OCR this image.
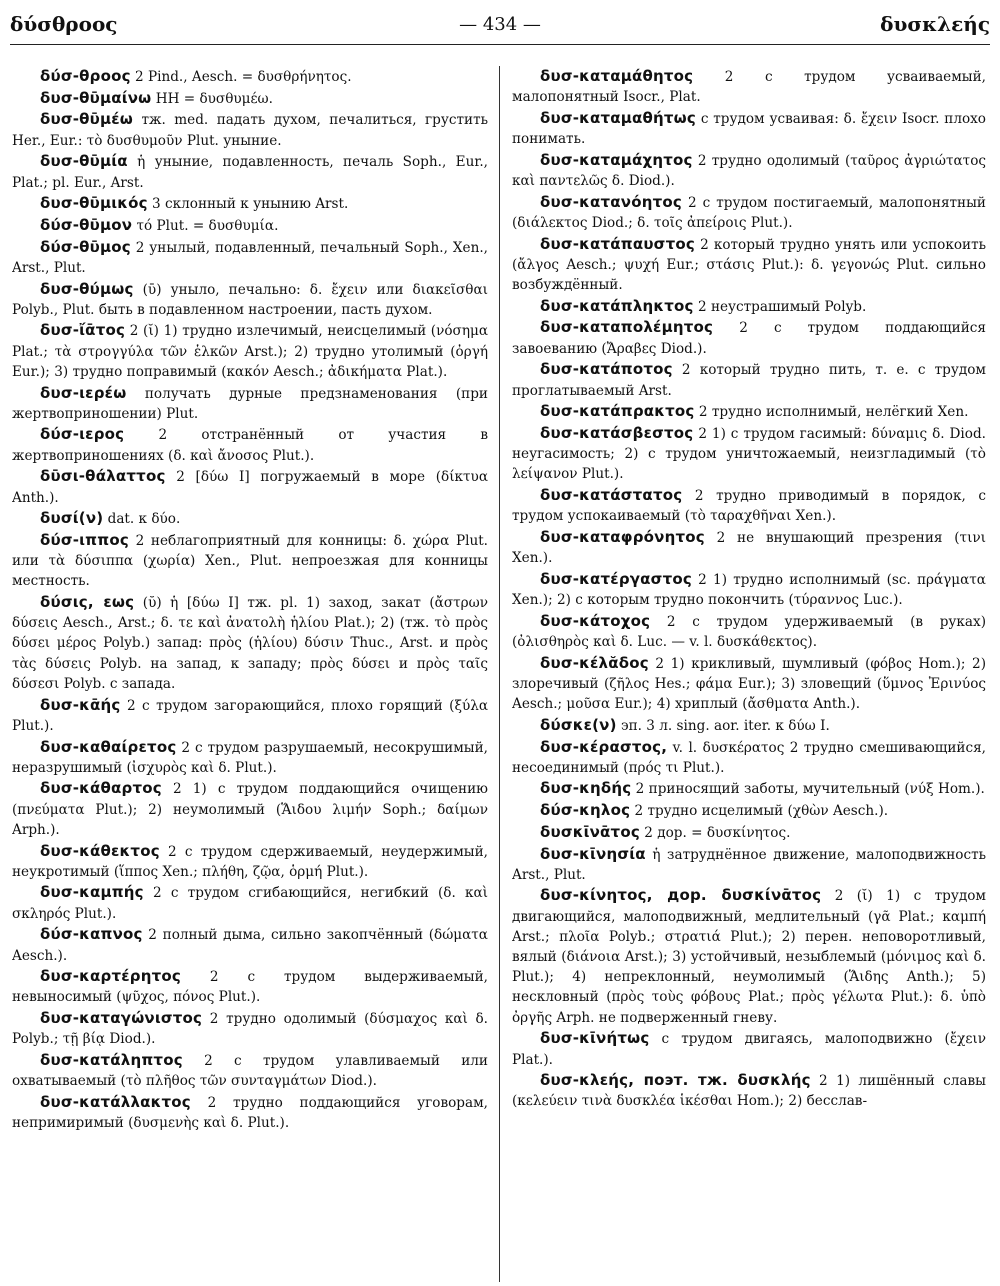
δύσθροος	— 434 —	δυσκλεής

δύσ-θροος 2 Pind., Aesch. = δυσθρήνητος.

δυσ-θῡμαίνω HH = δυσθυμέω.

δυσ-θῡμέω тж. med. падать духом, печалиться, грустить Her., Eur.: τὸ δυσθυμοῦν Plut. уныние.

δυσ-θῡμία ἡ уныние, подавленность, печаль Soph., Eur., Plat.; pl. Eur., Arst.

δυσ-θῡμικός 3 склонный к унынию Arst.

δύσ-θῡμον τό Plut. = δυσθυμία.

δύσ-θῡμος 2 унылый, подавленный, печальный Soph., Xen., Arst., Plut.

δυσ-θύμως (ῡ) уныло, печально: δ. ἔχειν или διακεῖσθαι Polyb., Plut. быть в подавленном настроении, пасть духом.

δυσ-ἴᾱτος 2 (ῐ) 1) трудно излечимый, неисцелимый (νόσημα Plat.; τὰ στρογγύλα τῶν ἑλκῶν Arst.); 2) трудно утолимый (ὀργή Eur.); 3) трудно поправимый (κακόν Aesch.; ἀδικήματα Plat.).

δυσ-ιερέω получать дурные предзнаменования (при жертвоприношении) Plut.

δύσ-ιερος 2 отстранённый от участия в жертвоприношениях (δ. καὶ ἄνοσος Plut.).

δῡσι-θάλαττος 2 [δύω I] погружаемый в море (δίκτυα Anth.).

δυσί(ν) dat. к δύο.

δύσ-ιππος 2 неблагоприятный для конницы: δ. χώρα Plut. или τὰ δύσιππα (χωρία) Xen., Plut. непроезжая для конницы местность.

δύσις, εως (ῠ) ἡ [δύω I] тж. pl. 1) заход, закат (ἄστρων δύσεις Aesch., Arst.; δ. τε καὶ ἀνατολὴ ἡλίου Plat.); 2) (тж. τὸ πρὸς δύσει μέρος Polyb.) запад: πρὸς (ἡλίου) δύσιν Thuc., Arst. и πρὸς τὰς δύσεις Polyb. на запад, к западу; πρὸς δύσει и πρὸς ταῖς δύσεσι Polyb. с запада.

δυσ-κᾱής 2 с трудом загорающийся, плохо горящий (ξύλα Plut.).

δυσ-καθαίρετος 2 с трудом разрушаемый, несокрушимый, неразрушимый (ἰσχυρὸς καὶ δ. Plut.).

δυσ-κάθαρτος 2 1) с трудом поддающийся очищению (πνεύματα Plut.); 2) неумолимый (Ἅιδου λιμήν Soph.; δαίμων Arph.).

δυσ-κάθεκτος 2 с трудом сдерживаемый, неудержимый, неукротимый (ἵππος Xen.; πλήθη, ζῷα, ὁρμή Plut.).

δυσ-καμπής 2 с трудом сгибающийся, негибкий (δ. καὶ σκληρός Plut.).

δύσ-καπνος 2 полный дыма, сильно закопчённый (δώματα Aesch.).

δυσ-καρτέρητος 2 с трудом выдерживаемый, невыносимый (ψῦχος, πόνος Plut.).

δυσ-καταγώνιστος 2 трудно одолимый (δύσμαχος καὶ δ. Polyb.; τῇ βίᾳ Diod.).

δυσ-κατάληπτος 2 с трудом улавливаемый или охватываемый (τὸ πλῆθος τῶν συνταγμάτων Diod.).

δυσ-κατάλλακτος 2 трудно поддающийся уговорам, непримиримый (δυσμενὴς καὶ δ. Plut.).

δυσ-καταμάθητος 2 с трудом усваиваемый, малопонятный Isocr., Plat.

δυσ-καταμαθήτως с трудом усваивая: δ. ἔχειν Isocr. плохо понимать.

δυσ-καταμάχητος 2 трудно одолимый (ταῦρος ἀγριώτατος καὶ παντελῶς δ. Diod.).

δυσ-κατανόητος 2 с трудом постигаемый, малопонятный (διάλεκτος Diod.; δ. τοῖς ἀπείροις Plut.).

δυσ-κατάπαυστος 2 который трудно унять или успокоить (ἄλγος Aesch.; ψυχή Eur.; στάσις Plut.): δ. γεγονώς Plut. сильно возбуждённый.

δυσ-κατάπληκτος 2 неустрашимый Polyb.

δυσ-καταπολέμητος 2 с трудом поддающийся завоеванию (Ἄραβες Diod.).

δυσ-κατάποτος 2 который трудно пить, т. е. с трудом проглатываемый Arst.

δυσ-κατάπρακτος 2 трудно исполнимый, нелёгкий Xen.

δυσ-κατάσβεστος 2 1) с трудом гасимый: δύναμις δ. Diod. неугасимость; 2) с трудом уничтожаемый, неизгладимый (τὸ λείψανον Plut.).

δυσ-κατάστατος 2 трудно приводимый в порядок, с трудом успокаиваемый (τὸ ταραχθῆναι Xen.).

δυσ-καταφρόνητος 2 не внушающий презрения (τινι Xen.).

δυσ-κατέργαστος 2 1) трудно исполнимый (sc. πράγματα Xen.); 2) с которым трудно покончить (τύραννος Luc.).

δυσ-κάτοχος 2 с трудом удерживаемый (в руках) (ὀλισθηρὸς καὶ δ. Luc. — v. l. δυσκάθεκτος).

δυσ-κέλᾰδος 2 1) крикливый, шумливый (φόβος Hom.); 2) злоречивый (ζῆλος Hes.; φάμα Eur.); 3) зловещий (ὕμνος Ἐρινύος Aesch.; μοῦσα Eur.); 4) хриплый (ἄσθματα Anth.).

δύσκε(ν) эп. 3 л. sing. aor. iter. к δύω I.

δυσ-κέραστος, v. l. δυσκέρατος 2 трудно смешивающийся, несоединимый (πρός τι Plut.).

δυσ-κηδής 2 приносящий заботы, мучительный (νύξ Hom.).

δύσ-κηλος 2 трудно исцелимый (χθὼν Aesch.).

δυσκῑνᾱτος 2 дор. = δυσκίνητος.

δυσ-κῑνησία ἡ затруднённое движение, малоподвижность Arst., Plut.

δυσ-κίνητος, дор. δυσκίνᾱτος 2 (ῐ) 1) с трудом двигающийся, малоподвижный, медлительный (γᾶ Plat.; καμπή Arst.; πλοῖα Polyb.; στρατιά Plut.); 2) перен. неповоротливый, вялый (διάνοια Arst.); 3) устойчивый, незыблемый (μόνιμος καὶ δ. Plut.); 4) непреклонный, неумолимый (Ἅιδης Anth.); 5) нескловный (πρὸς τοὺς φόβους Plat.; πρὸς γέλωτα Plut.): δ. ὑπὸ ὀργῆς Arph. не подверженный гневу.

δυσ-κῑνήτως с трудом двигаясь, малоподвижно (ἔχειν Plat.).

δυσ-κλεής, поэт. тж. δυσκλής 2 1) лишённый славы (κελεύειν τινὰ δυσκλέα ἱκέσθαι Hom.); 2) бесслав-
